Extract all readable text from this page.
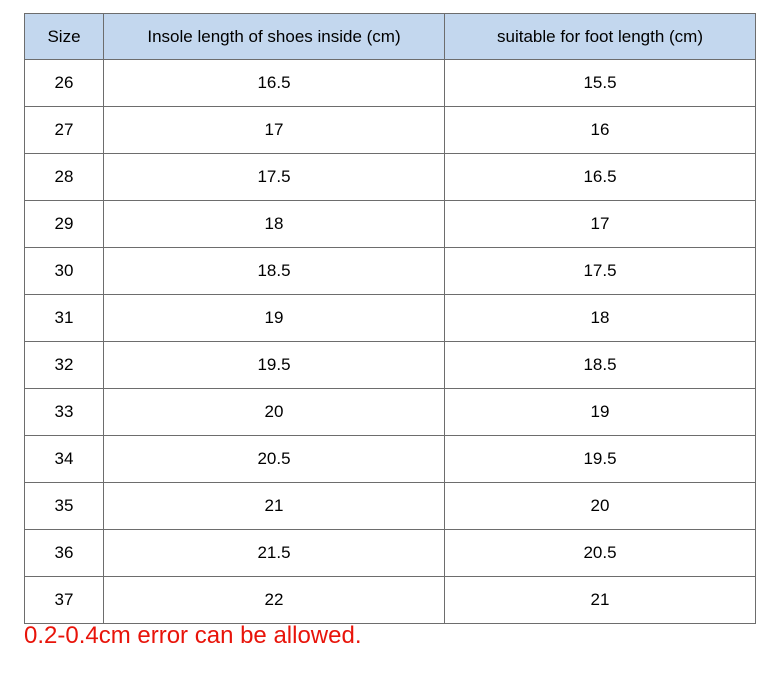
Size	Insole length of shoes inside (cm)	suitable for foot length (cm)
26	16.5	15.5
27	17	16
28	17.5	16.5
29	18	17
30	18.5	17.5
31	19	18
32	19.5	18.5
33	20	19
34	20.5	19.5
35	21	20
36	21.5	20.5
37	22	21
0.2-0.4cm error can be allowed.
